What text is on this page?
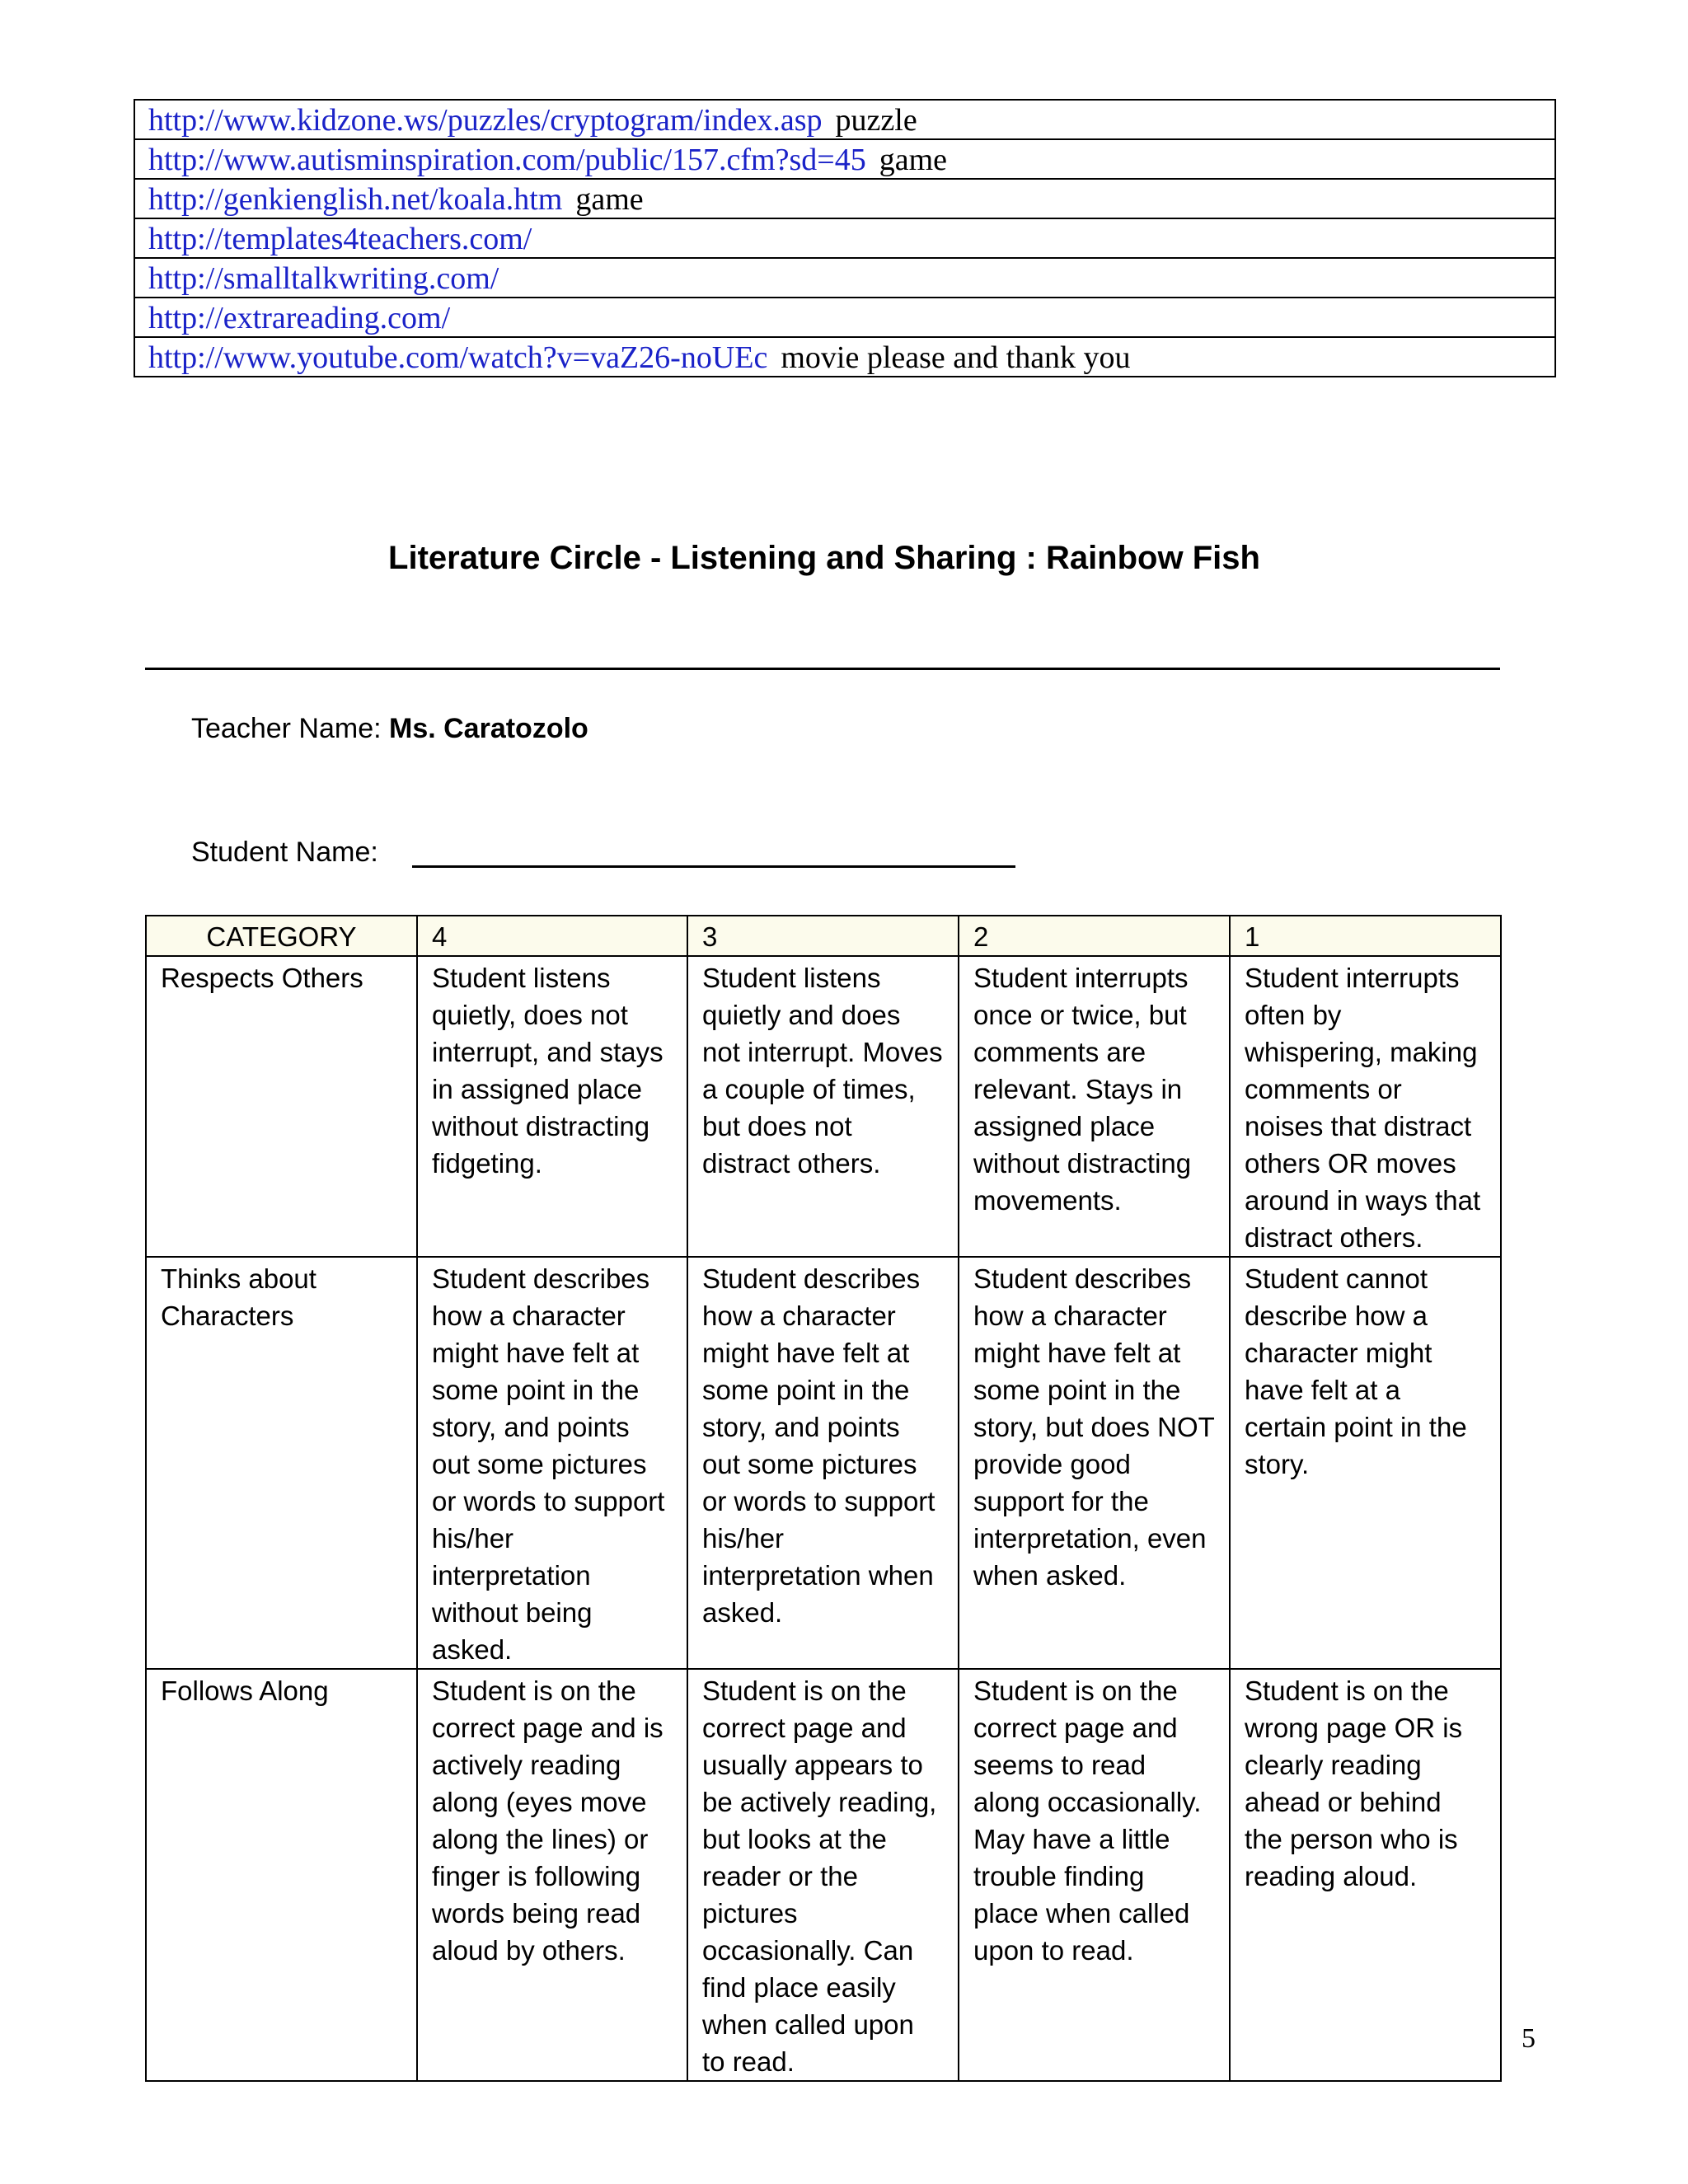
http://www.kidzone.ws/puzzles/cryptogram/index.asp puzzle
http://www.autisminspiration.com/public/157.cfm?sd=45 game
http://genkienglish.net/koala.htm game
http://templates4teachers.com/
http://smalltalkwriting.com/
http://extrareading.com/
http://www.youtube.com/watch?v=vaZ26-noUEc movie please and thank you
Literature Circle - Listening and Sharing : Rainbow Fish
Teacher Name: Ms. Caratozolo
Student Name:
CATEGORY	4	3	2	1
Respects Others	Student listens quietly, does not interrupt, and stays in assigned place without distracting fidgeting.	Student listens quietly and does not interrupt. Moves a couple of times, but does not distract others.	Student interrupts once or twice, but comments are relevant. Stays in assigned place without distracting movements.	Student interrupts often by whispering, making comments or noises that distract others OR moves around in ways that distract others.
Thinks about Characters	Student describes how a character might have felt at some point in the story, and points out some pictures or words to support his/her interpretation without being asked.	Student describes how a character might have felt at some point in the story, and points out some pictures or words to support his/her interpretation when asked.	Student describes how a character might have felt at some point in the story, but does NOT provide good support for the interpretation, even when asked.	Student cannot describe how a character might have felt at a certain point in the story.
Follows Along	Student is on the correct page and is actively reading along (eyes move along the lines) or finger is following words being read aloud by others.	Student is on the correct page and usually appears to be actively reading, but looks at the reader or the pictures occasionally. Can find place easily when called upon to read.	Student is on the correct page and seems to read along occasionally. May have a little trouble finding place when called upon to read.	Student is on the wrong page OR is clearly reading ahead or behind the person who is reading aloud.
5
